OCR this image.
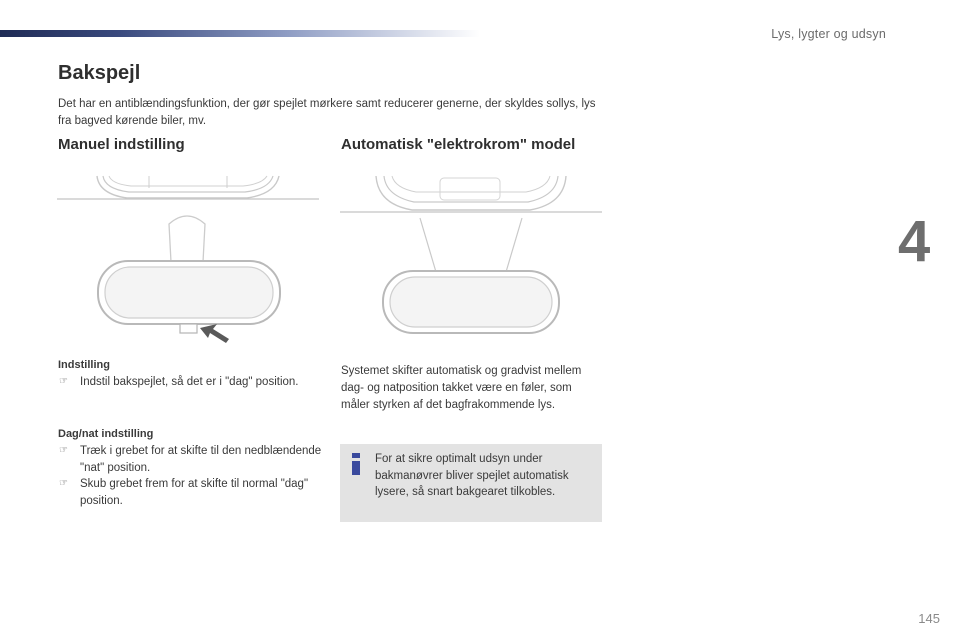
Lys, lygter og udsyn
4
Bakspejl

Det har en antiblændingsfunktion, der gør spejlet mørkere samt reducerer generne, der skyldes sollys, lys fra bagved kørende biler, mv.

Manuel indstilling	Automatisk "elektrokrom" model
Indstilling
☞ Indstil bakspejlet, så det er i "dag" position.
Dag/nat indstilling
☞ Træk i grebet for at skifte til den nedblændende "nat" position.
☞ Skub grebet frem for at skifte til normal "dag" position.

Systemet skifter automatisk og gradvist mellem dag- og natposition takket være en føler, som måler styrken af det bagfrakommende lys.

For at sikre optimalt udsyn under bakmanøvrer bliver spejlet automatisk lysere, så snart bakgearet tilkobles.

145
